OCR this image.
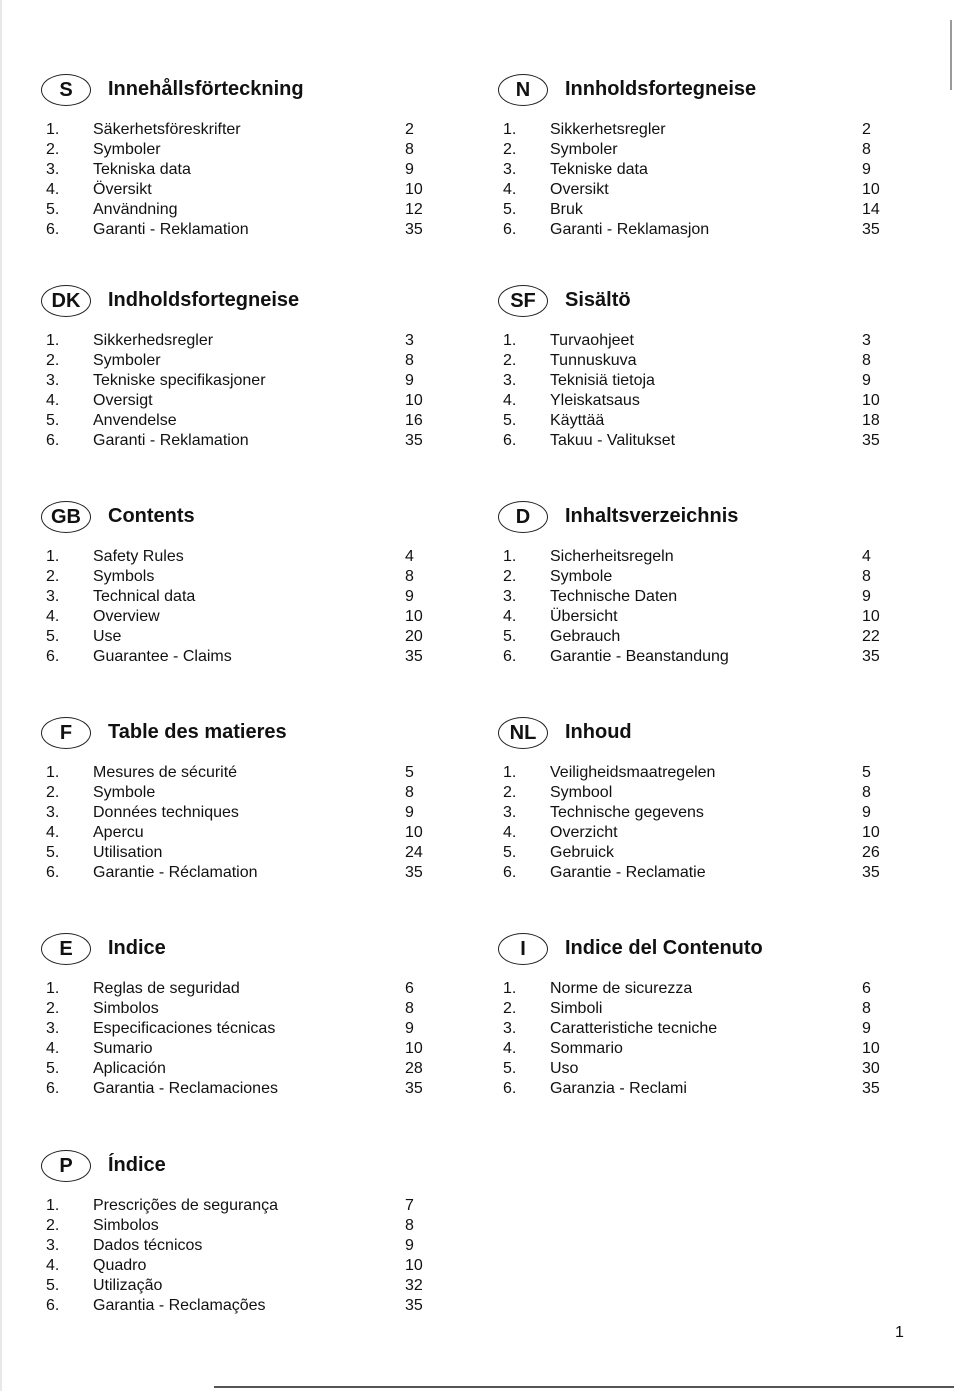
S	Innehållsförteckning
1. Säkerhetsföreskrifter	2
2. Symboler	8
3. Tekniska data	9
4. Översikt	10
5. Användning	12
6. Garanti - Reklamation	35
N	Innholdsfortegneise
1. Sikkerhetsregler	2
2. Symboler	8
3. Tekniske data	9
4. Oversikt	10
5. Bruk	14
6. Garanti - Reklamasjon	35
DK	Indholdsfortegneise
1. Sikkerhedsregler	3
2. Symboler	8
3. Tekniske specifikasjoner	9
4. Oversigt	10
5. Anvendelse	16
6. Garanti - Reklamation	35
SF	Sisältö
1. Turvaohjeet	3
2. Tunnuskuva	8
3. Teknisiä tietoja	9
4. Yleiskatsaus	10
5. Käyttää	18
6. Takuu - Valitukset	35
GB	Contents
1. Safety Rules	4
2. Symbols	8
3. Technical data	9
4. Overview	10
5. Use	20
6. Guarantee - Claims	35
D	Inhaltsverzeichnis
1. Sicherheitsregeln	4
2. Symbole	8
3. Technische Daten	9
4. Übersicht	10
5. Gebrauch	22
6. Garantie - Beanstandung	35
F	Table des matieres
1. Mesures de sécurité	5
2. Symbole	8
3. Données techniques	9
4. Apercu	10
5. Utilisation	24
6. Garantie - Réclamation	35
NL	Inhoud
1. Veiligheidsmaatregelen	5
2. Symbool	8
3. Technische gegevens	9
4. Overzicht	10
5. Gebruick	26
6. Garantie - Reclamatie	35
E	Indice
1. Reglas de seguridad	6
2. Simbolos	8
3. Especificaciones técnicas	9
4. Sumario	10
5. Aplicación	28
6. Garantia - Reclamaciones	35
I	Indice del Contenuto
1. Norme de sicurezza	6
2. Simboli	8
3. Caratteristiche tecniche	9
4. Sommario	10
5. Uso	30
6. Garanzia - Reclami	35
P	Índice
1. Prescrições de segurança	7
2. Simbolos	8
3. Dados técnicos	9
4. Quadro	10
5. Utilização	32
6. Garantia - Reclamações	35
1
